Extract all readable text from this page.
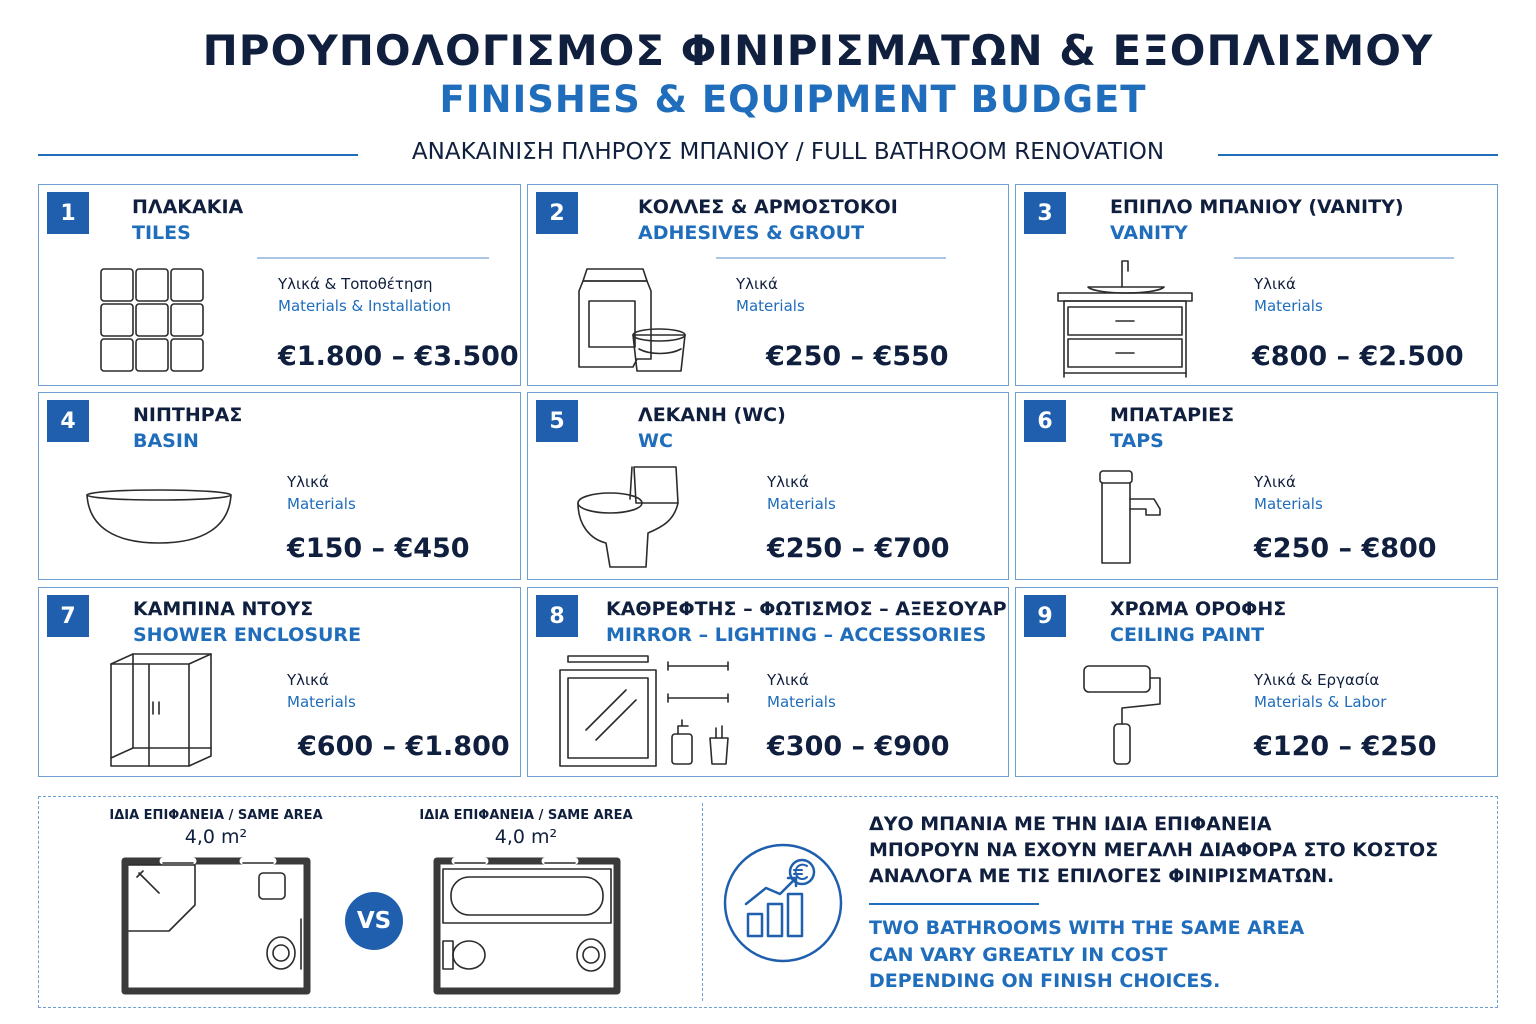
ΠΡΟΥΠΟΛΟΓΙΣΜΟΣ ΦΙΝΙΡΙΣΜΑΤΩΝ & ΕΞΟΠΛΙΣΜΟΥ
FINISHES & EQUIPMENT BUDGET
ΑΝΑΚΑΙΝΙΣΗ ΠΛΗΡΟΥΣ ΜΠΑΝΙΟΥ / FULL BATHROOM RENOVATION
1	ΠΛΑΚΑΚΙΑ
TILES
Υλικά & Τοποθέτηση
Materials & Installation
€1.800 – €3.500
2	ΚΟΛΛΕΣ & ΑΡΜΟΣΤΟΚΟΙ
ADHESIVES & GROUT
Υλικά
Materials
€250 – €550
3	ΕΠΙΠΛΟ ΜΠΑΝΙΟΥ (VANITY)
VANITY
Υλικά
Materials
€800 – €2.500
4	ΝΙΠΤΗΡΑΣ
BASIN
Υλικά
Materials
€150 – €450
5	ΛΕΚΑΝΗ (WC)
WC
Υλικά
Materials
€250 – €700
6	ΜΠΑΤΑΡΙΕΣ
TAPS
Υλικά
Materials
€250 – €800
7	ΚΑΜΠΙΝΑ ΝΤΟΥΣ
SHOWER ENCLOSURE
Υλικά
Materials
€600 – €1.800
8	ΚΑΘΡΕΦΤΗΣ – ΦΩΤΙΣΜΟΣ – ΑΞΕΣΟΥΑΡ
MIRROR – LIGHTING – ACCESSORIES
Υλικά
Materials
€300 – €900
9	ΧΡΩΜΑ ΟΡΟΦΗΣ
CEILING PAINT
Υλικά & Εργασία
Materials & Labor
€120 – €250
ΙΔΙΑ ΕΠΙΦΑΝΕΙΑ / SAME AREA
4,0 m²
VS
ΙΔΙΑ ΕΠΙΦΑΝΕΙΑ / SAME AREA
4,0 m²
ΔΥΟ ΜΠΑΝΙΑ ΜΕ ΤΗΝ ΙΔΙΑ ΕΠΙΦΑΝΕΙΑ
ΜΠΟΡΟΥΝ ΝΑ ΕΧΟΥΝ ΜΕΓΑΛΗ ΔΙΑΦΟΡΑ ΣΤΟ ΚΟΣΤΟΣ
ΑΝΑΛΟΓΑ ΜΕ ΤΙΣ ΕΠΙΛΟΓΕΣ ΦΙΝΙΡΙΣΜΑΤΩΝ.
TWO BATHROOMS WITH THE SAME AREA
CAN VARY GREATLY IN COST
DEPENDING ON FINISH CHOICES.
